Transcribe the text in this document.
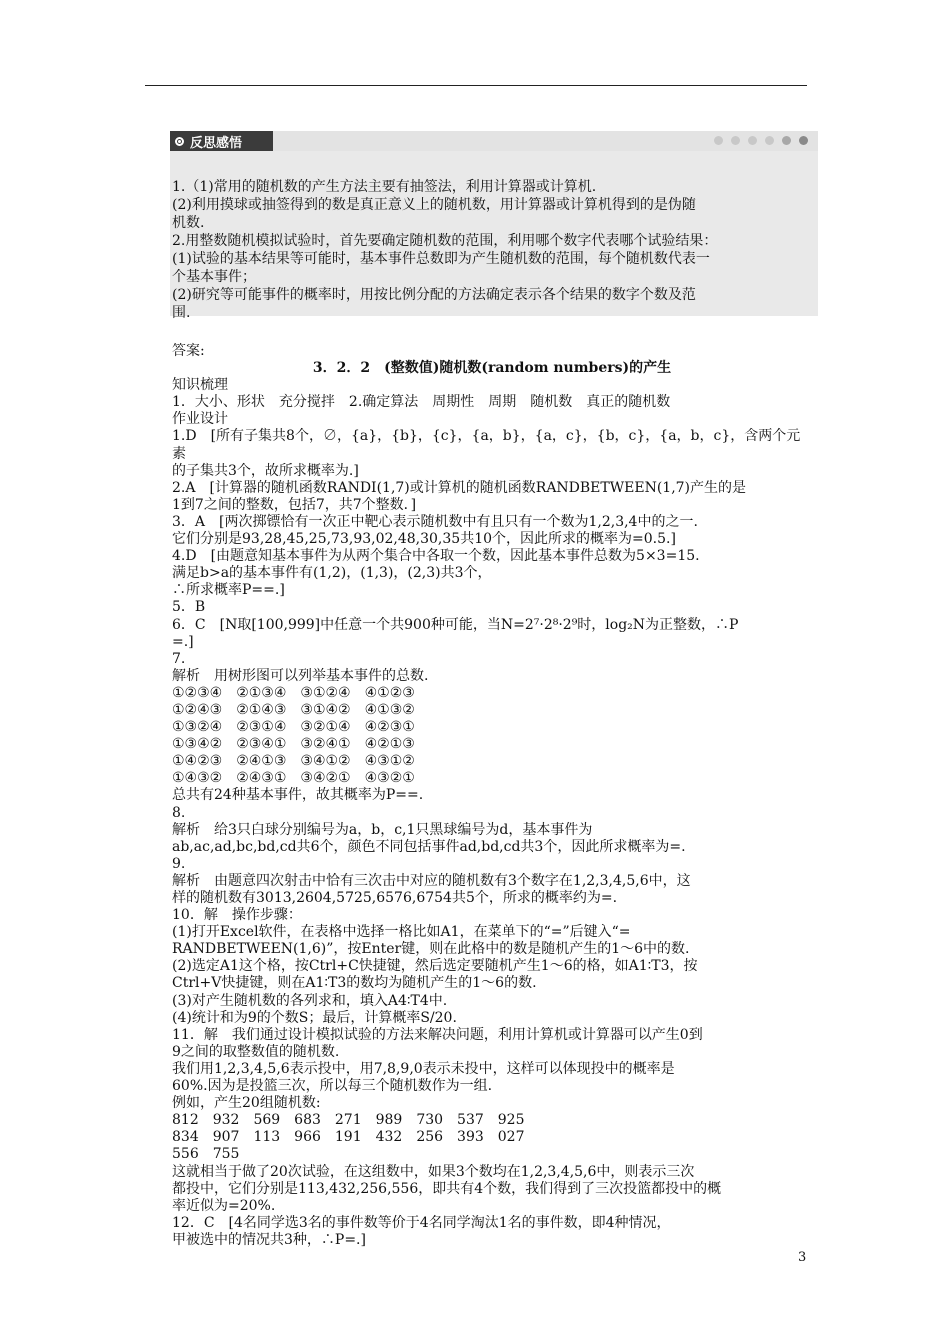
反思感悟
1.（1)常用的随机数的产生方法主要有抽签法，利用计算器或计算机.
(2)利用摸球或抽签得到的数是真正意义上的随机数，用计算器或计算机得到的是伪随
机数.
2.用整数随机模拟试验时，首先要确定随机数的范围，利用哪个数字代表哪个试验结果：
(1)试验的基本结果等可能时，基本事件总数即为产生随机数的范围，每个随机数代表一
个基本事件；
(2)研究等可能事件的概率时，用按比例分配的方法确定表示各个结果的数字个数及范
围.
答案:
3．2．2　(整数值)随机数(random numbers)的产生
知识梳理
1．大小、形状　充分搅拌　2.确定算法　周期性　周期　随机数　真正的随机数
作业设计
1.D　[所有子集共8个，∅，{a}，{b}，{c}，{a，b}，{a，c}，{b，c}，{a，b，c}，含两个元素
的子集共3个，故所求概率为.]
2.A　[计算器的随机函数RANDI(1,7)或计算机的随机函数RANDBETWEEN(1,7)产生的是
1到7之间的整数，包括7，共7个整数．]
3．A　[两次掷镖恰有一次正中靶心表示随机数中有且只有一个数为1,2,3,4中的之一.
它们分别是93,28,45,25,73,93,02,48,30,35共10个，因此所求的概率为=0.5.]
4.D　[由题意知基本事件为从两个集合中各取一个数，因此基本事件总数为5×3=15.
满足b>a的基本事件有(1,2)，(1,3)，(2,3)共3个，
∴所求概率P==.]
5．B
6．C　[N取[100,999]中任意一个共900种可能，当N=2⁷·2⁸·2⁹时，log₂N为正整数，∴P
=.]
7.
解析　用树形图可以列举基本事件的总数.
①②③④　②①③④　③①②④　④①②③
①②④③　②①④③　③①④②　④①③②
①③②④　②③①④　③②①④　④②③①
①③④②　②③④①　③②④①　④②①③
①④②③　②④①③　③④①②　④③①②
①④③②　②④③①　③④②①　④③②①
总共有24种基本事件，故其概率为P==.
8.
解析　给3只白球分别编号为a，b，c,1只黑球编号为d，基本事件为
ab,ac,ad,bc,bd,cd共6个，颜色不同包括事件ad,bd,cd共3个，因此所求概率为=.
9.
解析　由题意四次射击中恰有三次击中对应的随机数有3个数字在1,2,3,4,5,6中，这
样的随机数有3013,2604,5725,6576,6754共5个，所求的概率约为=.
10．解　操作步骤：
(1)打开Excel软件，在表格中选择一格比如A1，在菜单下的“=”后键入“=
RANDBETWEEN(1,6)”，按Enter键，则在此格中的数是随机产生的1～6中的数.
(2)选定A1这个格，按Ctrl+C快捷键，然后选定要随机产生1～6的格，如A1∶T3，按
Ctrl+V快捷键，则在A1∶T3的数均为随机产生的1～6的数.
(3)对产生随机数的各列求和，填入A4∶T4中.
(4)统计和为9的个数S；最后，计算概率S/20.
11．解　我们通过设计模拟试验的方法来解决问题，利用计算机或计算器可以产生0到
9之间的取整数值的随机数.
我们用1,2,3,4,5,6表示投中，用7,8,9,0表示未投中，这样可以体现投中的概率是
60%.因为是投篮三次，所以每三个随机数作为一组.
例如，产生20组随机数:
812　932　569　683　271　989　730　537　925
834　907　113　966　191　432　256　393　027
556　755
这就相当于做了20次试验，在这组数中，如果3个数均在1,2,3,4,5,6中，则表示三次
都投中，它们分别是113,432,256,556，即共有4个数，我们得到了三次投篮都投中的概
率近似为=20%.
12．C　[4名同学选3名的事件数等价于4名同学淘汰1名的事件数，即4种情况，
甲被选中的情况共3种，∴P=.]
3
